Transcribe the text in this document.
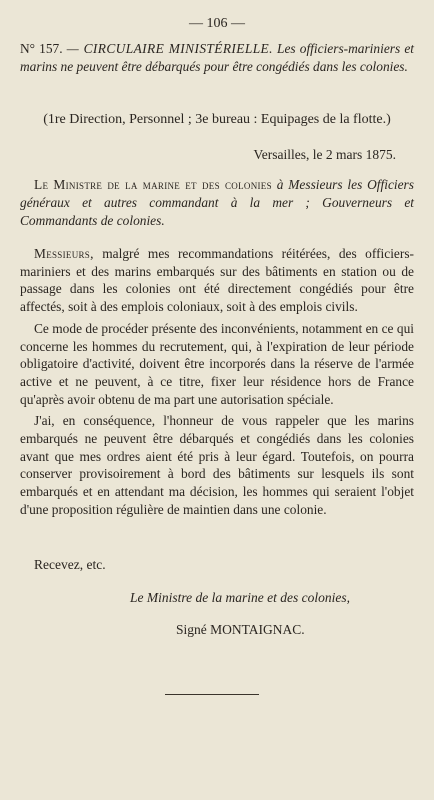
— 106 —
N° 157. — CIRCULAIRE MINISTÉRIELLE. Les officiers-mariniers et marins ne peuvent être débarqués pour être congédiés dans les colonies.
(1re Direction, Personnel ; 3e bureau : Equipages de la flotte.)
Versailles, le 2 mars 1875.
Le Ministre de la marine et des colonies à Messieurs les Officiers généraux et autres commandant à la mer ; Gouverneurs et Commandants de colonies.

Messieurs, malgré mes recommandations réitérées, des officiers-mariniers et des marins embarqués sur des bâtiments en station ou de passage dans les colonies ont été directement congédiés pour être affectés, soit à des emplois coloniaux, soit à des emplois civils.

Ce mode de procéder présente des inconvénients, notamment en ce qui concerne les hommes du recrutement, qui, à l'expiration de leur période obligatoire d'activité, doivent être incorporés dans la réserve de l'armée active et ne peuvent, à ce titre, fixer leur résidence hors de France qu'après avoir obtenu de ma part une autorisation spéciale.

J'ai, en conséquence, l'honneur de vous rappeler que les marins embarqués ne peuvent être débarqués et congédiés dans les colonies avant que mes ordres aient été pris à leur égard. Toutefois, on pourra conserver provisoirement à bord des bâtiments sur lesquels ils sont embarqués et en attendant ma décision, les hommes qui seraient l'objet d'une proposition régulière de maintien dans une colonie.

Recevez, etc.
Le Ministre de la marine et des colonies,
Signé MONTAIGNAC.
